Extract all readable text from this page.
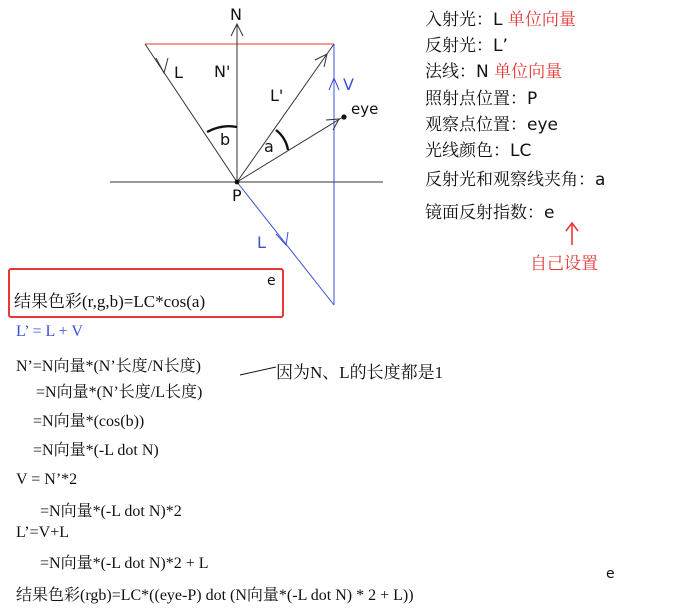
N
N'
L
L'
V
eye
b a
P
L
入射光：L 单位向量
反射光：L’
法线：N 单位向量
照射点位置：P
观察点位置：eye
光线颜色：LC
反射光和观察线夹角：a
镜面反射指数：e
自己设置
结果色彩(r,g,b)=LC*cos(a)
e
L’ = L + V
N’=N向量*(N’长度/N长度)
=N向量*(N’长度/L长度)
=N向量*(cos(b))
=N向量*(-L dot N)
V = N’*2
=N向量*(-L dot N)*2
L’=V+L
=N向量*(-L dot N)*2 + L
因为N、L的长度都是1
结果色彩(rgb)=LC*((eye-P) dot (N向量*(-L dot N) * 2 + L))
e
